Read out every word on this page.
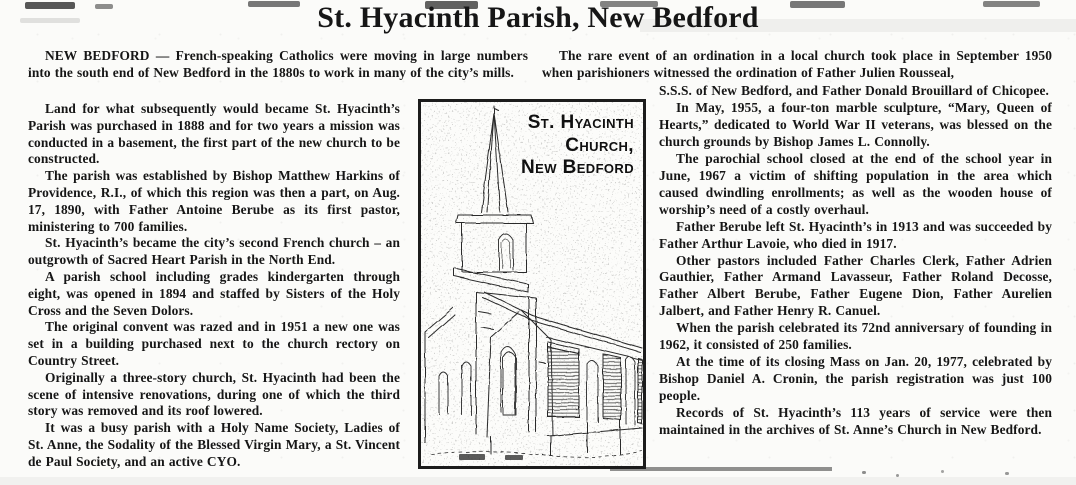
St. Hyacinth Parish, New Bedford

NEW BEDFORD — French-speaking Catholics were moving in large numbers into the south end of New Bedford in the 1880s to work in many of the city’s mills.

Land for what subsequently would became St. Hyacinth’s Parish was purchased in 1888 and for two years a mission was conducted in a basement, the first part of the new church to be constructed.

The parish was established by Bishop Matthew Harkins of Providence, R.I., of which this region was then a part, on Aug. 17, 1890, with Father Antoine Berube as its first pastor, ministering to 700 families.

St. Hyacinth’s became the city’s second French church – an outgrowth of Sacred Heart Parish in the North End.

A parish school including grades kindergarten through eight, was opened in 1894 and staffed by Sisters of the Holy Cross and the Seven Dolors.

The original convent was razed and in 1951 a new one was set in a building purchased next to the church rectory on Country Street.

Originally a three-story church, St. Hyacinth had been the scene of intensive renovations, during one of which the third story was removed and its roof lowered.

It was a busy parish with a Holy Name Society, Ladies of St. Anne, the Sodality of the Blessed Virgin Mary, a St. Vincent de Paul Society, and an active CYO.

St. Hyacinth
Church,
New Bedford

The rare event of an ordination in a local church took place in September 1950 when parishioners witnessed the ordination of Father Julien Rousseal,

S.S.S. of New Bedford, and Father Donald Brouillard of Chicopee.

In May, 1955, a four-ton marble sculpture, “Mary, Queen of Hearts,” dedicated to World War II veterans, was blessed on the church grounds by Bishop James L. Connolly.

The parochial school closed at the end of the school year in June, 1967 a victim of shifting population in the area which caused dwindling enrollments; as well as the wooden house of worship’s need of a costly overhaul.

Father Berube left St. Hyacinth’s in 1913 and was succeeded by Father Arthur Lavoie, who died in 1917.

Other pastors included Father Charles Clerk, Father Adrien Gauthier, Father Armand Lavasseur, Father Roland Decosse, Father Albert Berube, Father Eugene Dion, Father Aurelien Jalbert, and Father Henry R. Canuel.

When the parish celebrated its 72nd anniversary of founding in 1962, it consisted of 250 families.

At the time of its closing Mass on Jan. 20, 1977, celebrated by Bishop Daniel A. Cronin, the parish registration was just 100 people.

Records of St. Hyacinth’s 113 years of service were then maintained in the archives of St. Anne’s Church in New Bedford.
